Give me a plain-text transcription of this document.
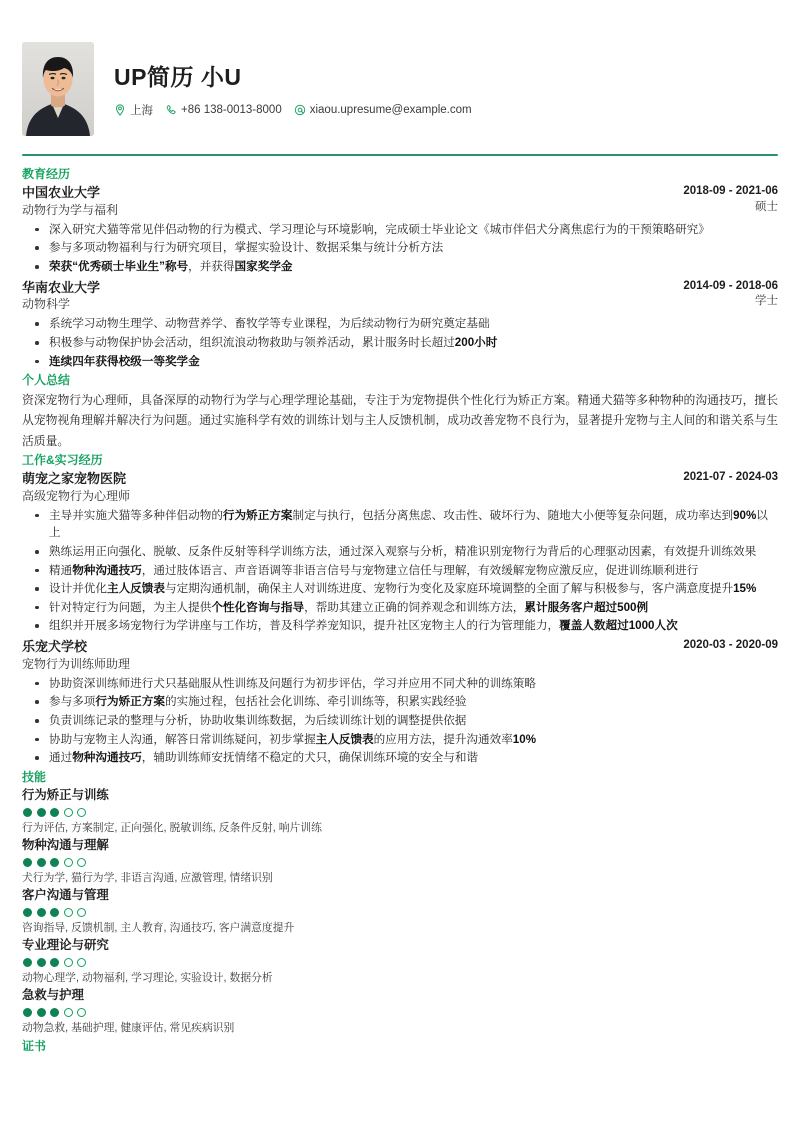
UP简历 小U
上海 +86 138-0013-8000 xiaou.upresume@example.com
教育经历
中国农业大学
动物行为学与福利
2018-09 - 2021-06
硕士
深入研究犬猫等常见伴侣动物的行为模式、学习理论与环境影响，完成硕士毕业论文《城市伴侣犬分离焦虑行为的干预策略研究》
参与多项动物福利与行为研究项目，掌握实验设计、数据采集与统计分析方法
荣获“优秀硕士毕业生”称号，并获得国家奖学金
华南农业大学
动物科学
2014-09 - 2018-06
学士
系统学习动物生理学、动物营养学、畜牧学等专业课程，为后续动物行为研究奠定基础
积极参与动物保护协会活动，组织流浪动物救助与领养活动，累计服务时长超过200小时
连续四年获得校级一等奖学金
个人总结

资深宠物行为心理师，具备深厚的动物行为学与心理学理论基础，专注于为宠物提供个性化行为矫正方案。精通犬猫等多种物种的沟通技巧，擅长从宠物视角理解并解决行为问题。通过实施科学有效的训练计划与主人反馈机制，成功改善宠物不良行为，显著提升宠物与主人间的和谐关系与生活质量。

工作&实习经历
萌宠之家宠物医院
高级宠物行为心理师
2021-07 - 2024-03
主导并实施犬猫等多种伴侣动物的行为矫正方案制定与执行，包括分离焦虑、攻击性、破坏行为、随地大小便等复杂问题，成功率达到90%以上
熟练运用正向强化、脱敏、反条件反射等科学训练方法，通过深入观察与分析，精准识别宠物行为背后的心理驱动因素，有效提升训练效果
精通物种沟通技巧，通过肢体语言、声音语调等非语言信号与宠物建立信任与理解，有效缓解宠物应激反应，促进训练顺利进行
设计并优化主人反馈表与定期沟通机制，确保主人对训练进度、宠物行为变化及家庭环境调整的全面了解与积极参与，客户满意度提升15%
针对特定行为问题，为主人提供个性化咨询与指导，帮助其建立正确的饲养观念和训练方法，累计服务客户超过500例
组织并开展多场宠物行为学讲座与工作坊，普及科学养宠知识，提升社区宠物主人的行为管理能力，覆盖人数超过1000人次
乐宠犬学校
宠物行为训练师助理
2020-03 - 2020-09
协助资深训练师进行犬只基础服从性训练及问题行为初步评估，学习并应用不同犬种的训练策略
参与多项行为矫正方案的实施过程，包括社会化训练、牵引训练等，积累实践经验
负责训练记录的整理与分析，协助收集训练数据，为后续训练计划的调整提供依据
协助与宠物主人沟通，解答日常训练疑问，初步掌握主人反馈表的应用方法，提升沟通效率10%
通过物种沟通技巧，辅助训练师安抚情绪不稳定的犬只，确保训练环境的安全与和谐
技能
行为矫正与训练
行为评估, 方案制定, 正向强化, 脱敏训练, 反条件反射, 响片训练
物种沟通与理解
犬行为学, 猫行为学, 非语言沟通, 应激管理, 情绪识别
客户沟通与管理
咨询指导, 反馈机制, 主人教育, 沟通技巧, 客户满意度提升
专业理论与研究
动物心理学, 动物福利, 学习理论, 实验设计, 数据分析
急救与护理
动物急救, 基础护理, 健康评估, 常见疾病识别
证书
